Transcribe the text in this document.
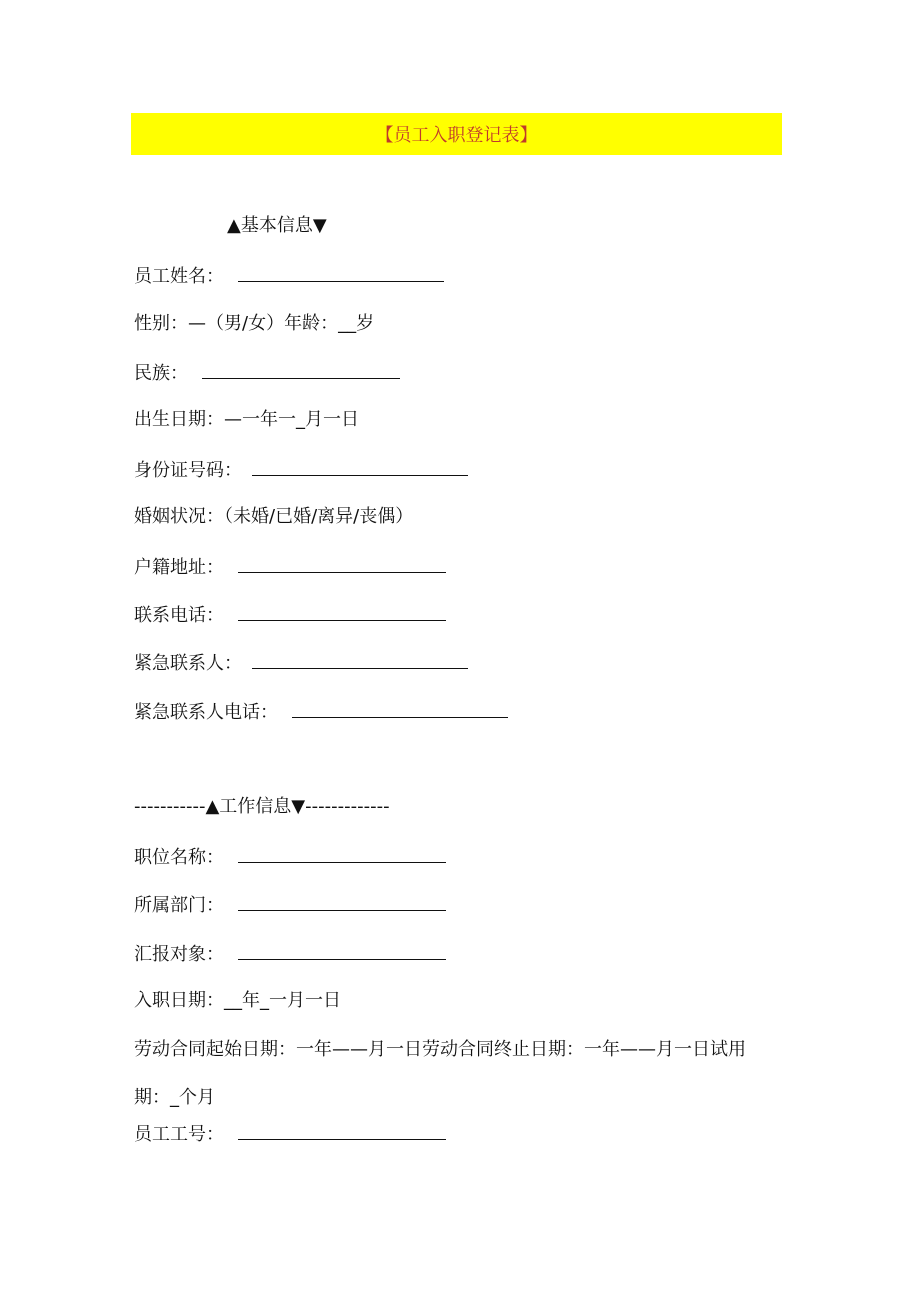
【员工入职登记表】
▲基本信息▼
员工姓名：
性别：—（男/女）年龄：__岁
民族：
出生日期：—一年一_月一日
身份证号码：
婚姻状况：（未婚/已婚/离异/丧偶）
户籍地址：
联系电话：
紧急联系人：
紧急联系人电话：
-----------▲工作信息▼-------------
职位名称：
所属部门：
汇报对象：
入职日期：__年_一月一日
劳动合同起始日期：一年——月一日劳动合同终止日期：一年——月一日试用
期：_个月
员工工号：
